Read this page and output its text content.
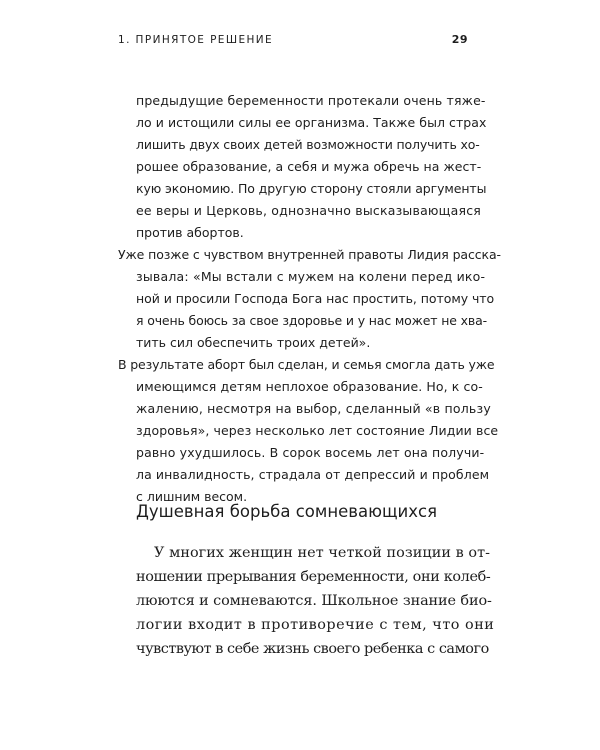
1. ПРИНЯТОЕ РЕШЕНИЕ	29
предыдущие беременности протекали очень тяже-
ло и истощили силы ее организма. Также был страх
лишить двух своих детей возможности получить хо-
рошее образование, а себя и мужа обречь на жест-
кую экономию. По другую сторону стояли аргументы
ее веры и Церковь, однозначно высказывающаяся
против абортов.
Уже позже с чувством внутренней правоты Лидия расска-
зывала: «Мы встали с мужем на колени перед ико-
ной и просили Господа Бога нас простить, потому что
я очень боюсь за свое здоровье и у нас может не хва-
тить сил обеспечить троих детей».
В результате аборт был сделан, и семья смогла дать уже
имеющимся детям неплохое образование. Но, к со-
жалению, несмотря на выбор, сделанный «в пользу
здоровья», через несколько лет состояние Лидии все
равно ухудшилось. В сорок восемь лет она получи-
ла инвалидность, страдала от депрессий и проблем
с лишним весом.
Душевная борьба сомневающихся
У многих женщин нет четкой позиции в от-
ношении прерывания беременности, они колеб-
люются и сомневаются. Школьное знание био-
логии входит в противоречие с тем, что они
чувствуют в себе жизнь своего ребенка с самого
